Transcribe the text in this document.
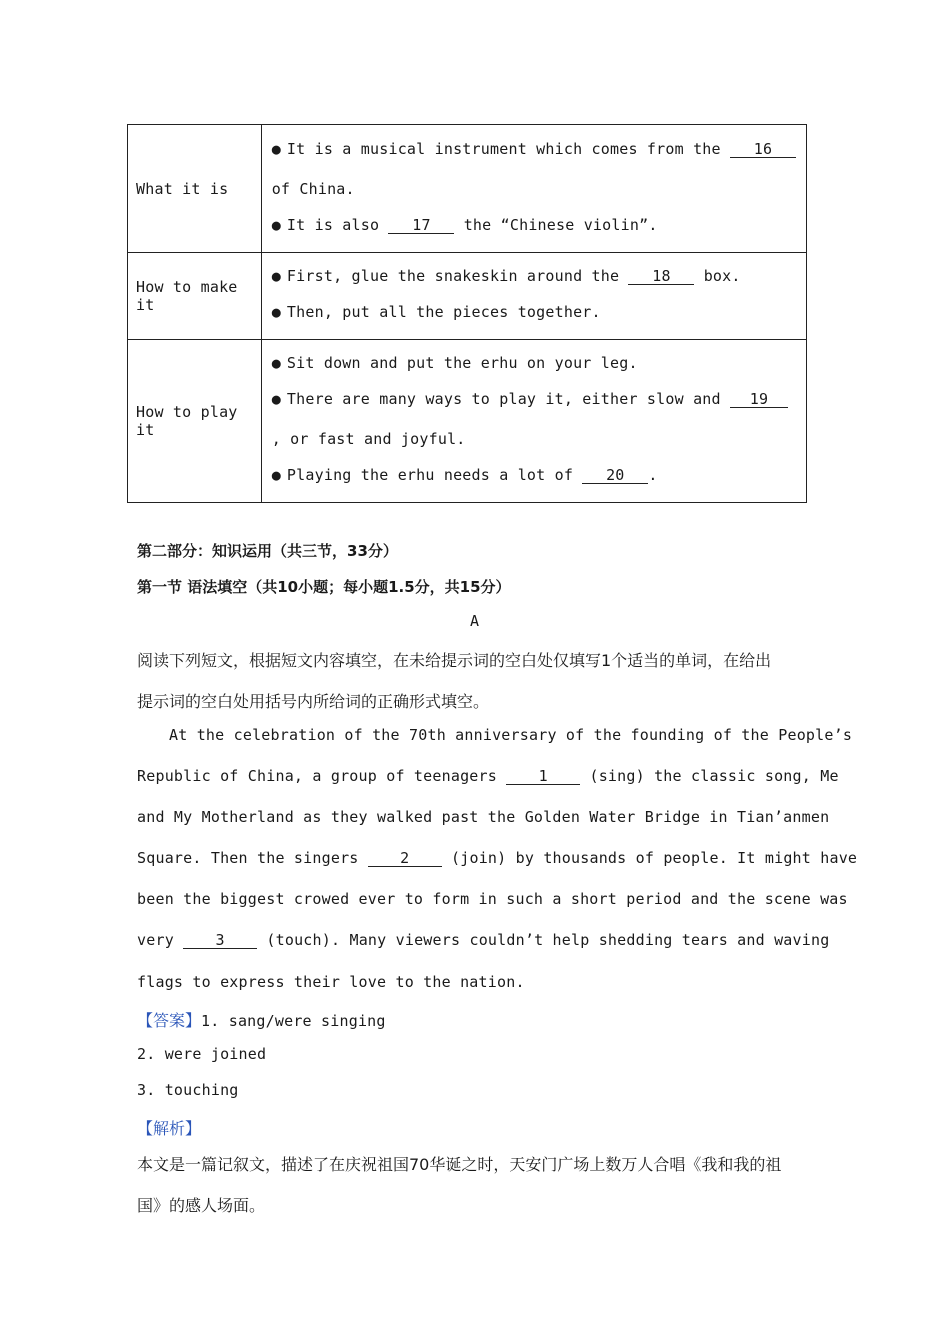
What it is	● It is a musical instrument which comes from the 16
of China.
● It is also 17 the “Chinese violin”.

How to make it	● First, glue the snakeskin around the 18 box.
● Then, put all the pieces together.

How to play it	● Sit down and put the erhu on your leg.
● There are many ways to play it, either slow and 19
, or fast and joyful.
● Playing the erhu needs a lot of 20 .
第二部分：知识运用（共三节，33分）
第一节 语法填空（共10小题；每小题1.5分，共15分）
A
阅读下列短文，根据短文内容填空，在未给提示词的空白处仅填写1个适当的单词，在给出
提示词的空白处用括号内所给词的正确形式填空。
At the celebration of the 70th anniversary of the founding of the People’s
Republic of China, a group of teenagers 1 (sing) the classic song, Me
and My Motherland as they walked past the Golden Water Bridge in Tian’anmen
Square. Then the singers 2 (join) by thousands of people. It might have
been the biggest crowed ever to form in such a short period and the scene was
very 3 (touch). Many viewers couldn’t help shedding tears and waving
flags to express their love to the nation.
【答案】1. sang/were singing
2. were joined
3. touching
【解析】
本文是一篇记叙文，描述了在庆祝祖国70华诞之时，天安门广场上数万人合唱《我和我的祖
国》的感人场面。
